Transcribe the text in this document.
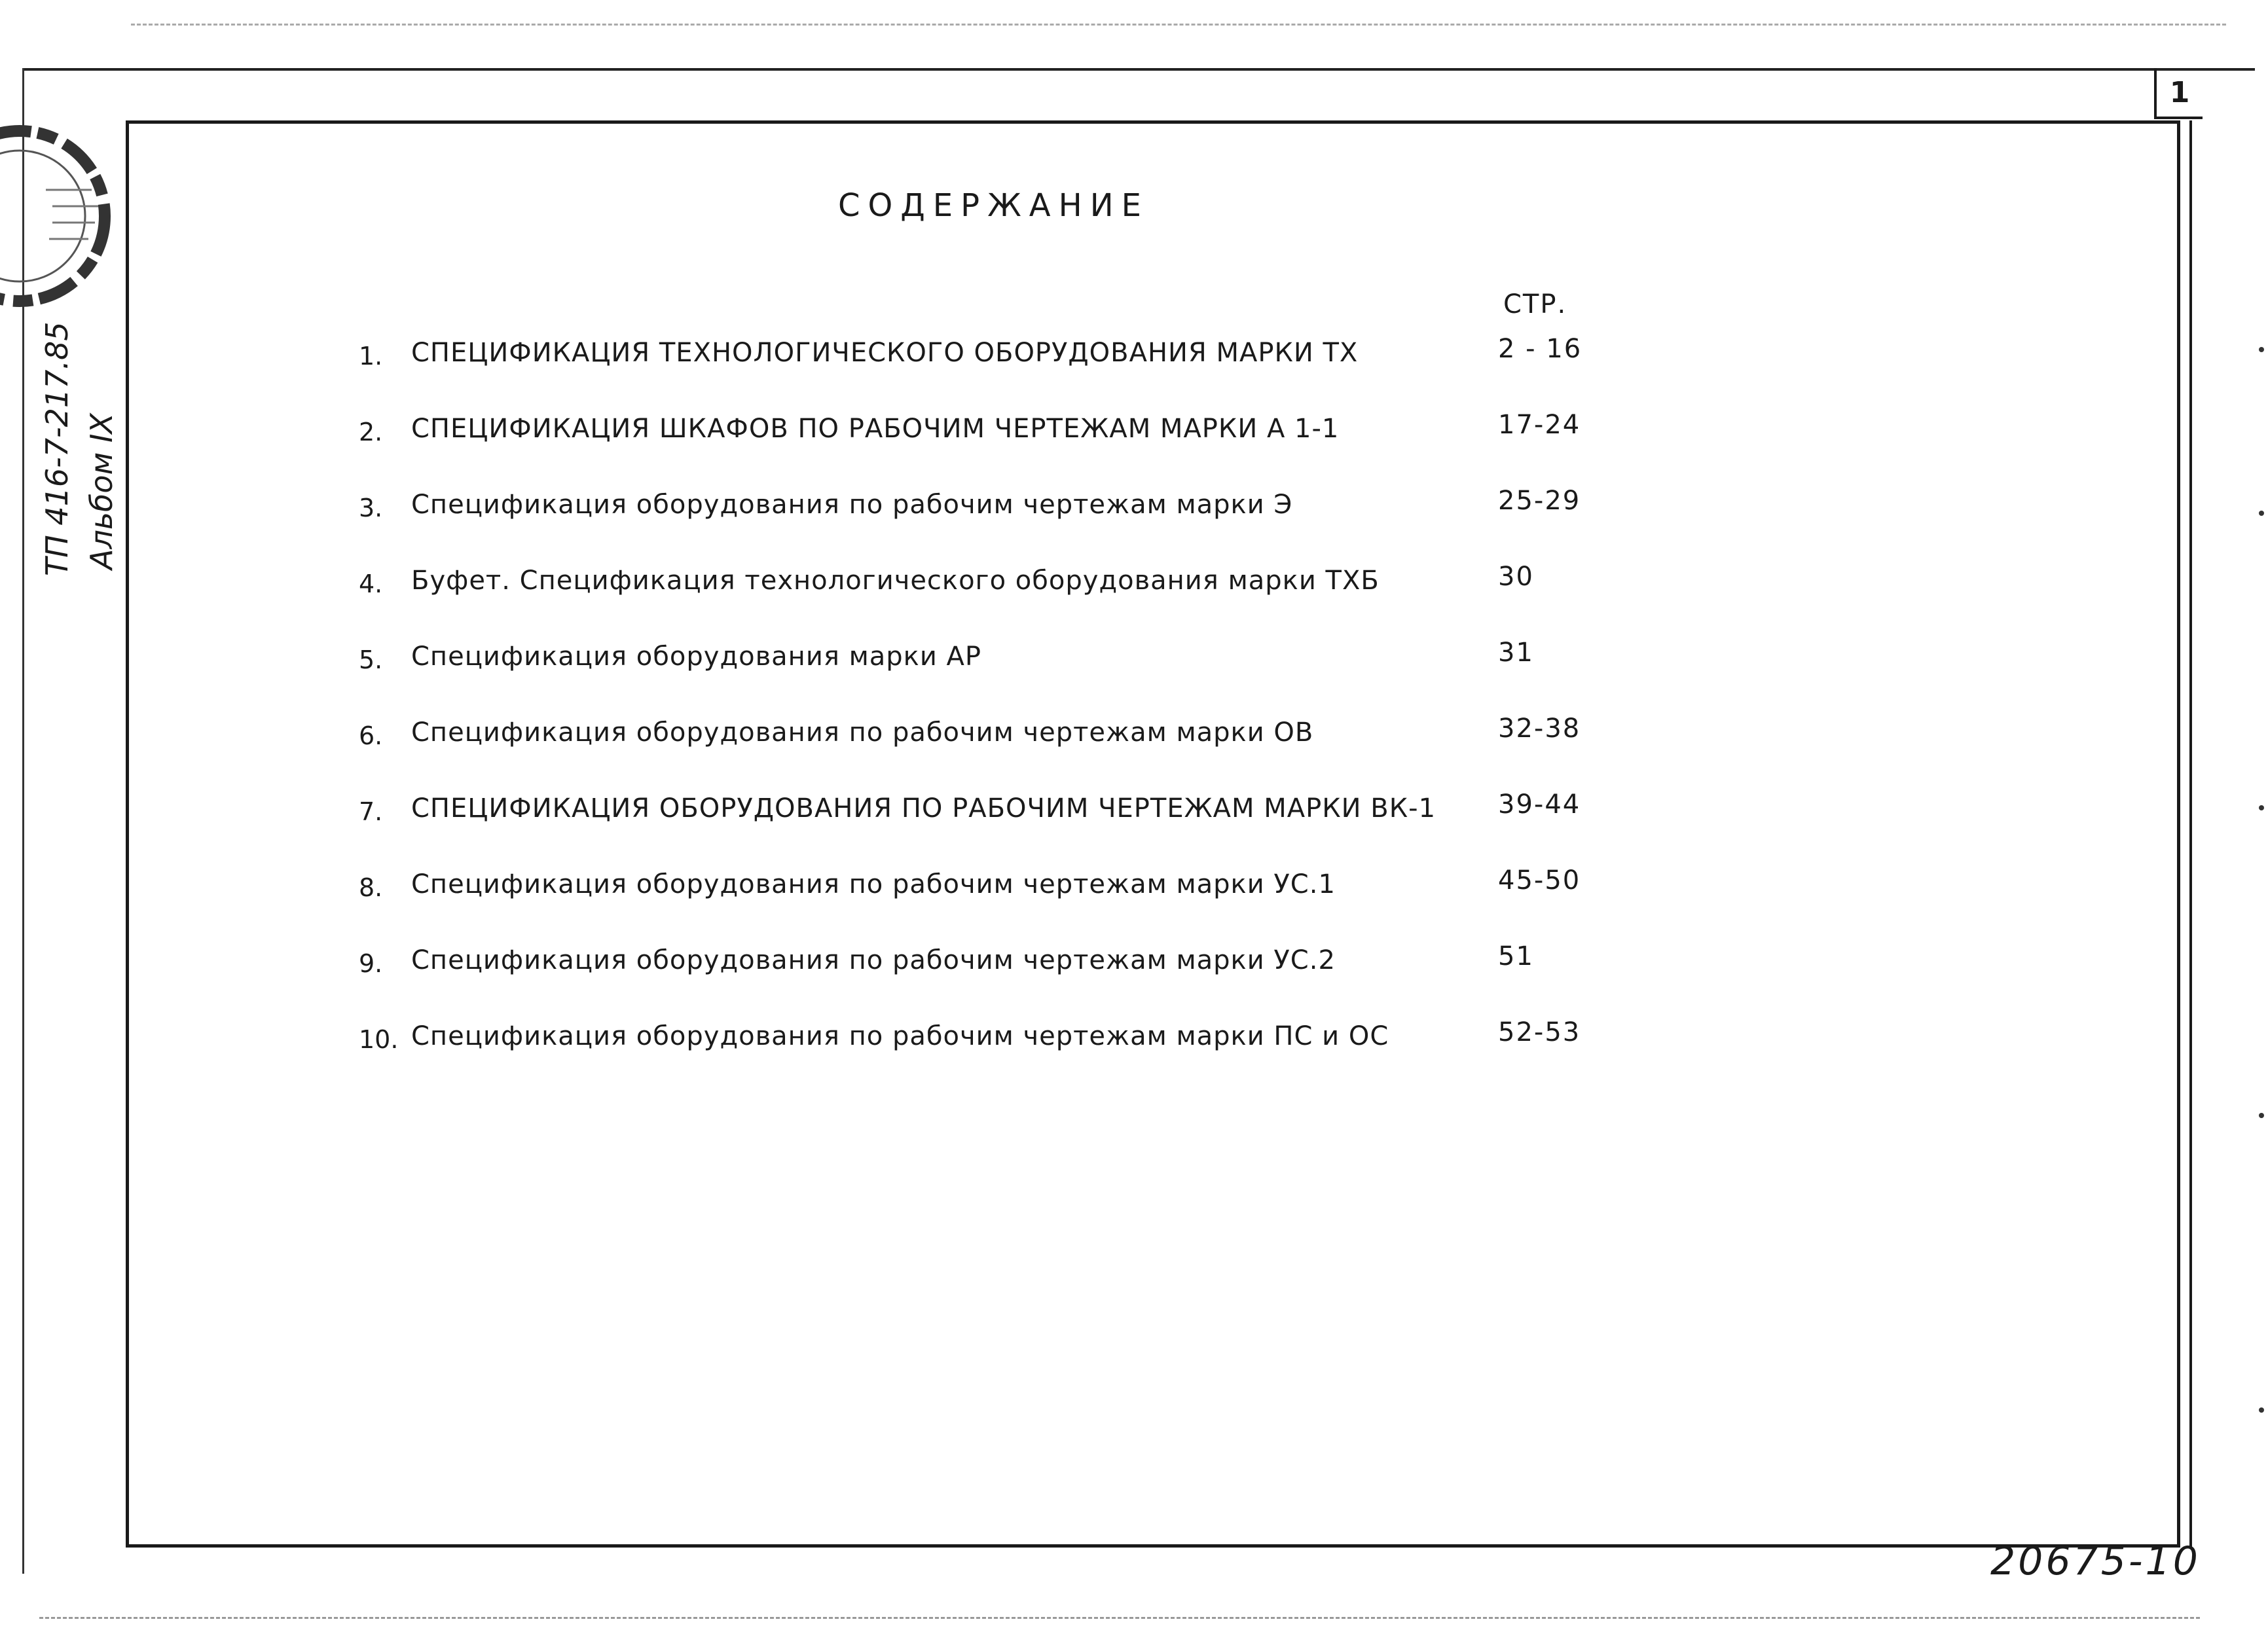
1
ТП 416-7-217.85 Альбом IX
СОДЕРЖАНИЕ
СТР.
1. СПЕЦИФИКАЦИЯ ТЕХНОЛОГИЧЕСКОГО ОБОРУДОВАНИЯ МАРКИ ТХ	2 - 16
2. СПЕЦИФИКАЦИЯ ШКАФОВ ПО РАБОЧИМ ЧЕРТЕЖАМ МАРКИ А 1-1	17-24
3. Спецификация оборудования по рабочим чертежам марки Э	25-29
4. Буфет. Спецификация технологического оборудования марки ТХБ	30
5. Спецификация оборудования марки АР	31
6. Спецификация оборудования по рабочим чертежам марки ОВ	32-38
7. СПЕЦИФИКАЦИЯ ОБОРУДОВАНИЯ ПО РАБОЧИМ ЧЕРТЕЖАМ МАРКИ ВК-1 39-44
8. Спецификация оборудования по рабочим чертежам марки УС.1	45-50
9. Спецификация оборудования по рабочим чертежам марки УС.2	51
10. Спецификация оборудования по рабочим чертежам марки ПС и ОС	52-53
20675-10
